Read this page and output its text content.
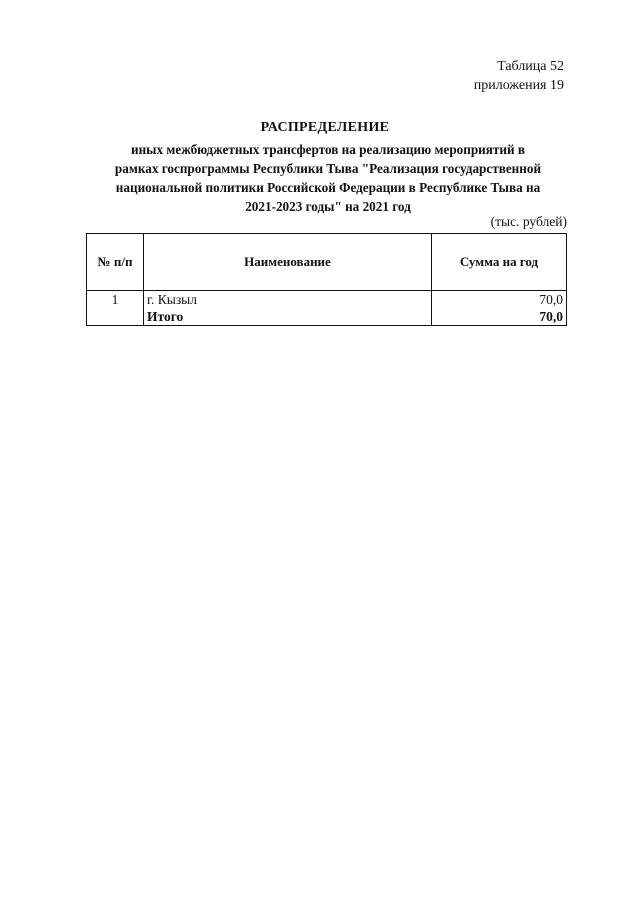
Таблица 52
приложения 19
РАСПРЕДЕЛЕНИЕ
иных межбюджетных трансфертов на реализацию мероприятий в
рамках госпрограммы Республики Тыва "Реализация государственной
национальной политики Российской Федерации в Республике Тыва на
2021-2023 годы" на 2021 год
(тыс. рублей)
№ п/п	Наименование	Сумма на год
1	г. Кызыл	70,0
	Итого	70,0
